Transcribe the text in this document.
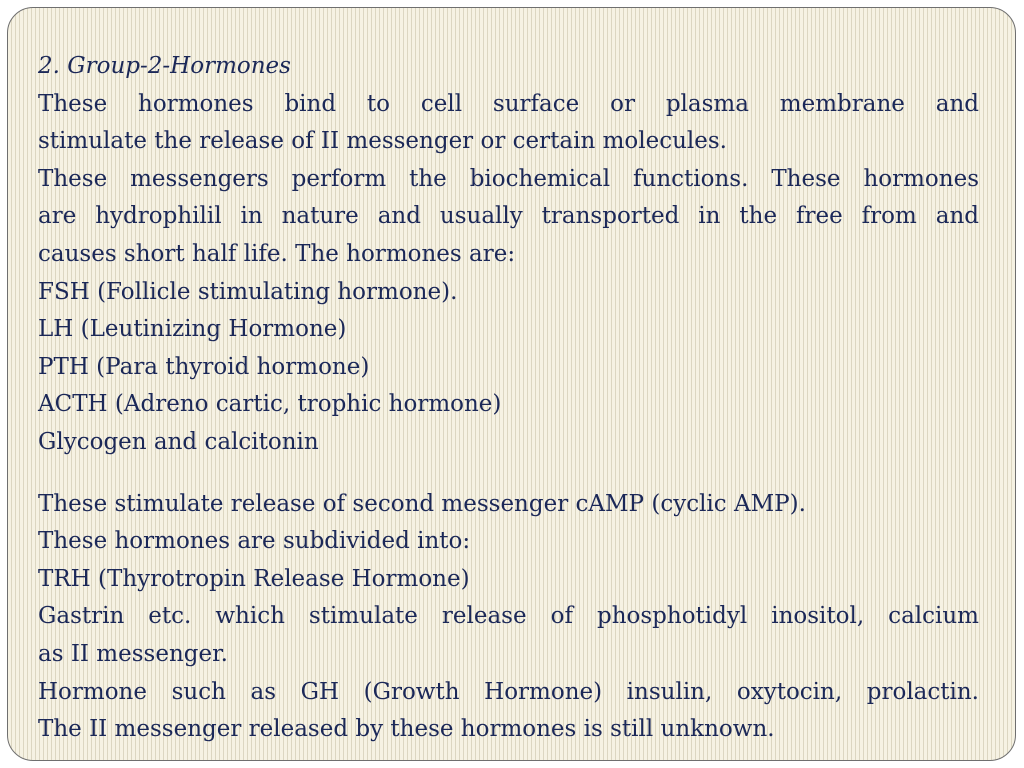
2. Group-2-Hormones
These hormones bind to cell surface or plasma membrane and
stimulate the release of II messenger or certain molecules.
These messengers perform the biochemical functions. These hormones
are hydrophilil in nature and usually transported in the free from and
causes short half life. The hormones are:
FSH (Follicle stimulating hormone).
LH (Leutinizing Hormone)
PTH (Para thyroid hormone)
ACTH (Adreno cartic, trophic hormone)
Glycogen and calcitonin
These stimulate release of second messenger cAMP (cyclic AMP).
These hormones are subdivided into:
TRH (Thyrotropin Release Hormone)
Gastrin etc. which stimulate release of phosphotidyl inositol, calcium
as II messenger.
Hormone such as GH (Growth Hormone) insulin, oxytocin, prolactin.
The II messenger released by these hormones is still unknown.
